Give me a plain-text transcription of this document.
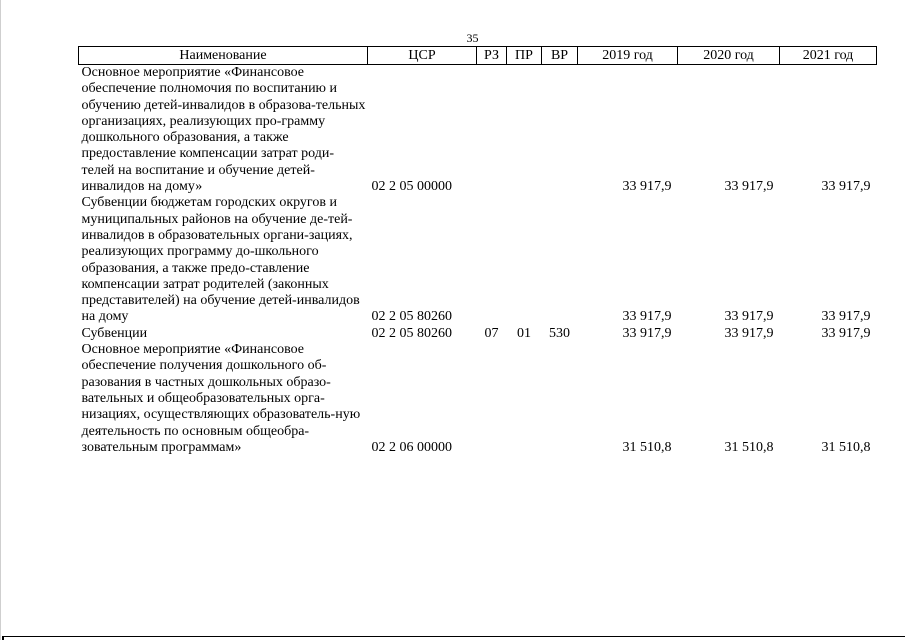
35
Наименование	ЦСР	РЗ	ПР	ВР	2019 год	2020 год	2021 год
Основное мероприятие «Финансовое обеспечение полномочия по воспитанию и обучению детей-инвалидов в образова-тельных организациях, реализующих про-грамму дошкольного образования, а также предоставление компенсации затрат роди-телей на воспитание и обучение детей-инвалидов на дому»	02 2 05 00000				33 917,9	33 917,9	33 917,9
Субвенции бюджетам городских округов и муниципальных районов на обучение де-тей-инвалидов в образовательных органи-зациях, реализующих программу до-школьного образования, а также предо-ставление компенсации затрат родителей (законных представителей) на обучение детей-инвалидов на дому	02 2 05 80260				33 917,9	33 917,9	33 917,9
Субвенции	02 2 05 80260	07	01	530	33 917,9	33 917,9	33 917,9
Основное мероприятие «Финансовое обеспечение получения дошкольного об-разования в частных дошкольных образо-вательных и общеобразовательных орга-низациях, осуществляющих образователь-ную деятельность по основным общеобра-зовательным программам»	02 2 06 00000				31 510,8	31 510,8	31 510,8
